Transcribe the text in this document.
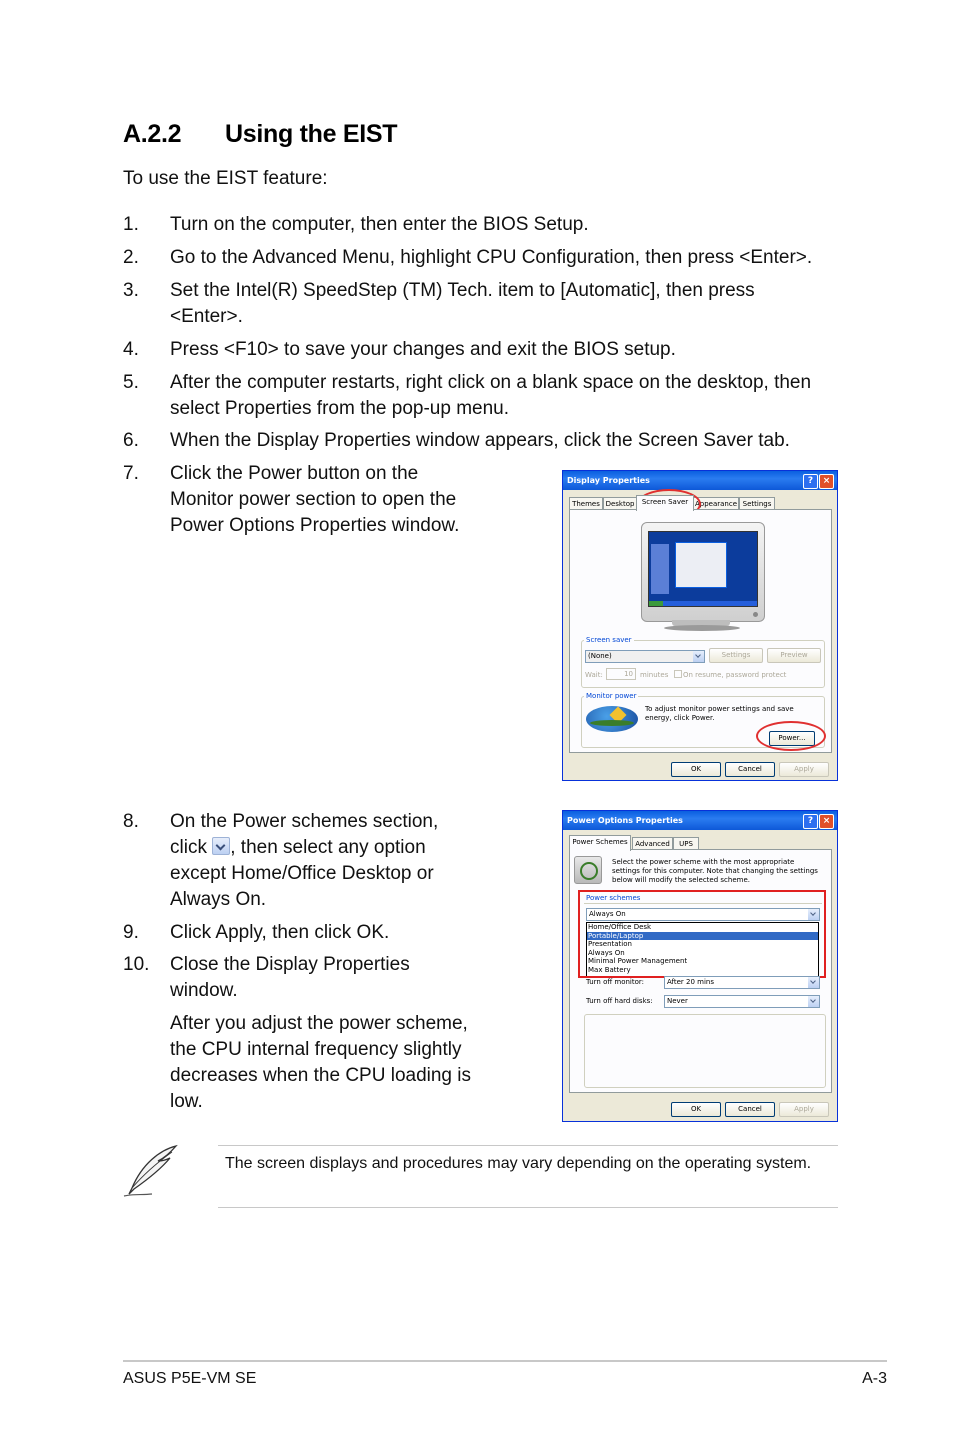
A.2.2 Using the EIST
To use the EIST feature:
1.	Turn on the computer, then enter the BIOS Setup.
2.	Go to the Advanced Menu, highlight CPU Configuration, then press <Enter>.
3.	Set the Intel(R) SpeedStep (TM) Tech. item to [Automatic], then press <Enter>.
4.	Press <F10> to save your changes and exit the BIOS setup.
5.	After the computer restarts, right click on a blank space on the desktop, then select Properties from the pop-up menu.
6.	When the Display Properties window appears, click the Screen Saver tab.
7.	Click the Power button on the Monitor power section to open the Power Options Properties window.
Display Properties	?	×
Themes Desktop	Screen Saver Appearance Settings
Screen saver
(None)	Settings	Preview
Wait:	10	minutes On resume, password protect
Monitor power
To adjust monitor power settings and save energy, click Power.
Power...
OK	Cancel	Apply
8.	On the Power schemes section, click , then select any option except Home/Office Desktop or Always On.
9.	Click Apply, then click OK.
10.	Close the Display Properties window.
After you adjust the power scheme, the CPU internal frequency slightly decreases when the CPU loading is low.
Power Options Properties	?	×
Power Schemes	Advanced	UPS
Select the power scheme with the most appropriate settings for this computer. Note that changing the settings below will modify the selected scheme.
Power schemes
Always On
Home/Office Desk
Portable/Laptop
Presentation
Always On
Minimal Power Management
Max Battery
Turn off monitor:	After 20 mins
Turn off hard disks:	Never
OK	Cancel	Apply
The screen displays and procedures may vary depending on the operating system.
ASUS P5E-VM SE	A-3
